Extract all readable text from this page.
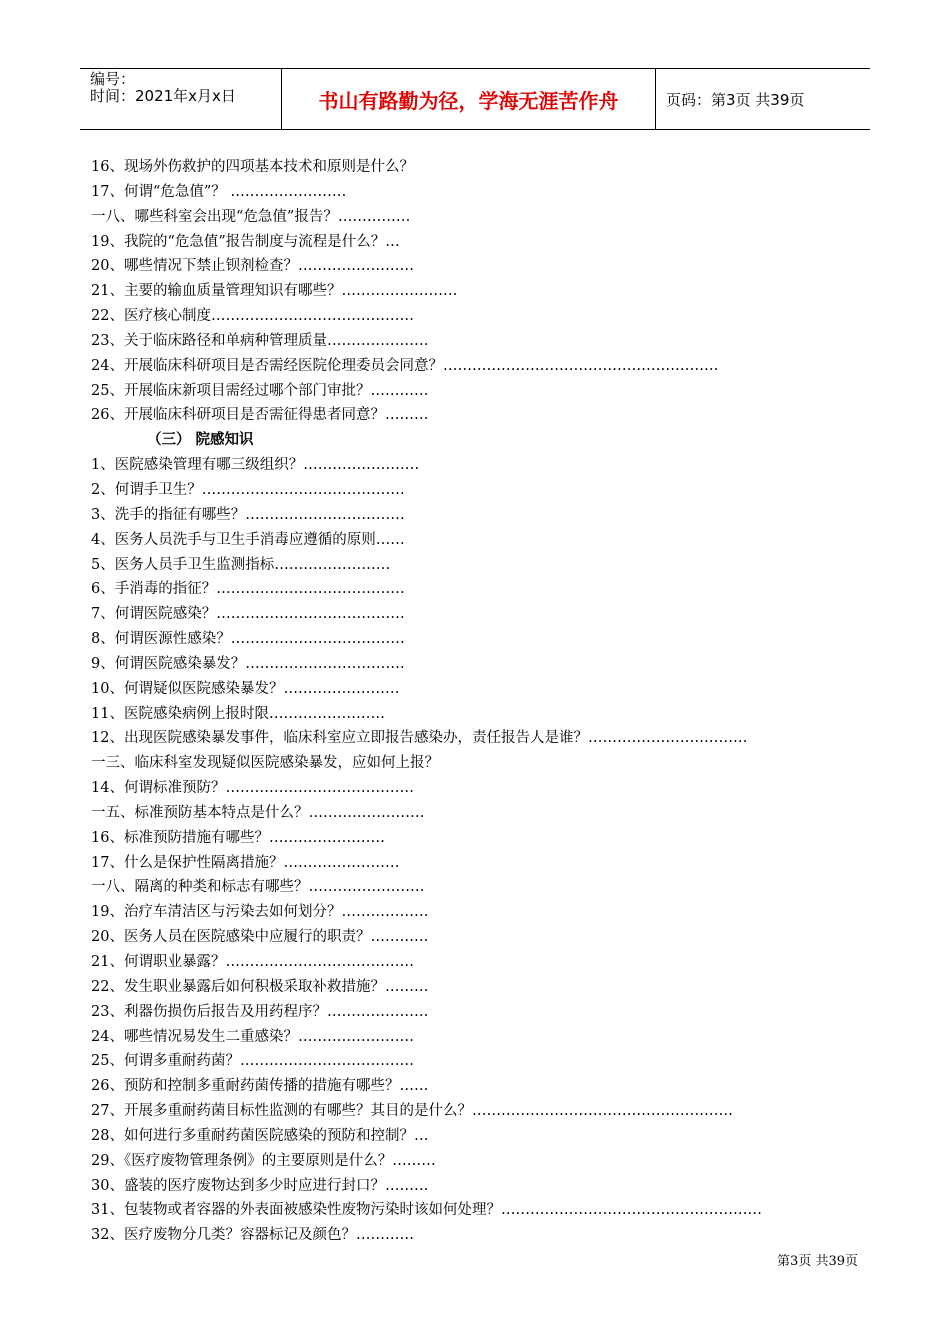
编号：
时间：2021年x月x日	书山有路勤为径，学海无涯苦作舟	页码：第3页 共39页
16、现场外伤救护的四项基本技术和原则是什么？
17、何谓“危急值”？ ……………………
一八、哪些科室会出现“危急值”报告？……………
19、我院的“危急值”报告制度与流程是什么？…
20、哪些情况下禁止钡剂检查？……………………
21、主要的输血质量管理知识有哪些？……………………
22、医疗核心制度……………………………………
23、关于临床路径和单病种管理质量…………………
24、开展临床科研项目是否需经医院伦理委员会同意？…………………………………………………
25、开展临床新项目需经过哪个部门审批？…………
26、开展临床科研项目是否需征得患者同意？………
（三） 院感知识
1、医院感染管理有哪三级组织？……………………
2、何谓手卫生？……………………………………
3、洗手的指征有哪些？……………………………
4、医务人员洗手与卫生手消毒应遵循的原则……
5、医务人员手卫生监测指标……………………
6、手消毒的指征？…………………………………
7、何谓医院感染？…………………………………
8、何谓医源性感染？………………………………
9、何谓医院感染暴发？……………………………
10、何谓疑似医院感染暴发？……………………
11、医院感染病例上报时限……………………
12、出现医院感染暴发事件，临床科室应立即报告感染办，责任报告人是谁？……………………………
一三、临床科室发现疑似医院感染暴发，应如何上报？
14、何谓标准预防？…………………………………
一五、标准预防基本特点是什么？……………………
16、标准预防措施有哪些？……………………
17、什么是保护性隔离措施？……………………
一八、隔离的种类和标志有哪些？……………………
19、治疗车清洁区与污染去如何划分？………………
20、医务人员在医院感染中应履行的职责？…………
21、何谓职业暴露？…………………………………
22、发生职业暴露后如何积极采取补救措施？………
23、利器伤损伤后报告及用药程序？…………………
24、哪些情况易发生二重感染？……………………
25、何谓多重耐药菌？………………………………
26、预防和控制多重耐药菌传播的措施有哪些？……
27、开展多重耐药菌目标性监测的有哪些？其目的是什么？………………………………………………
28、如何进行多重耐药菌医院感染的预防和控制？…
29、《医疗废物管理条例》的主要原则是什么？………
30、盛装的医疗废物达到多少时应进行封口？………
31、包装物或者容器的外表面被感染性废物污染时该如何处理？………………………………………………
32、医疗废物分几类？容器标记及颜色？…………
第3页 共39页
